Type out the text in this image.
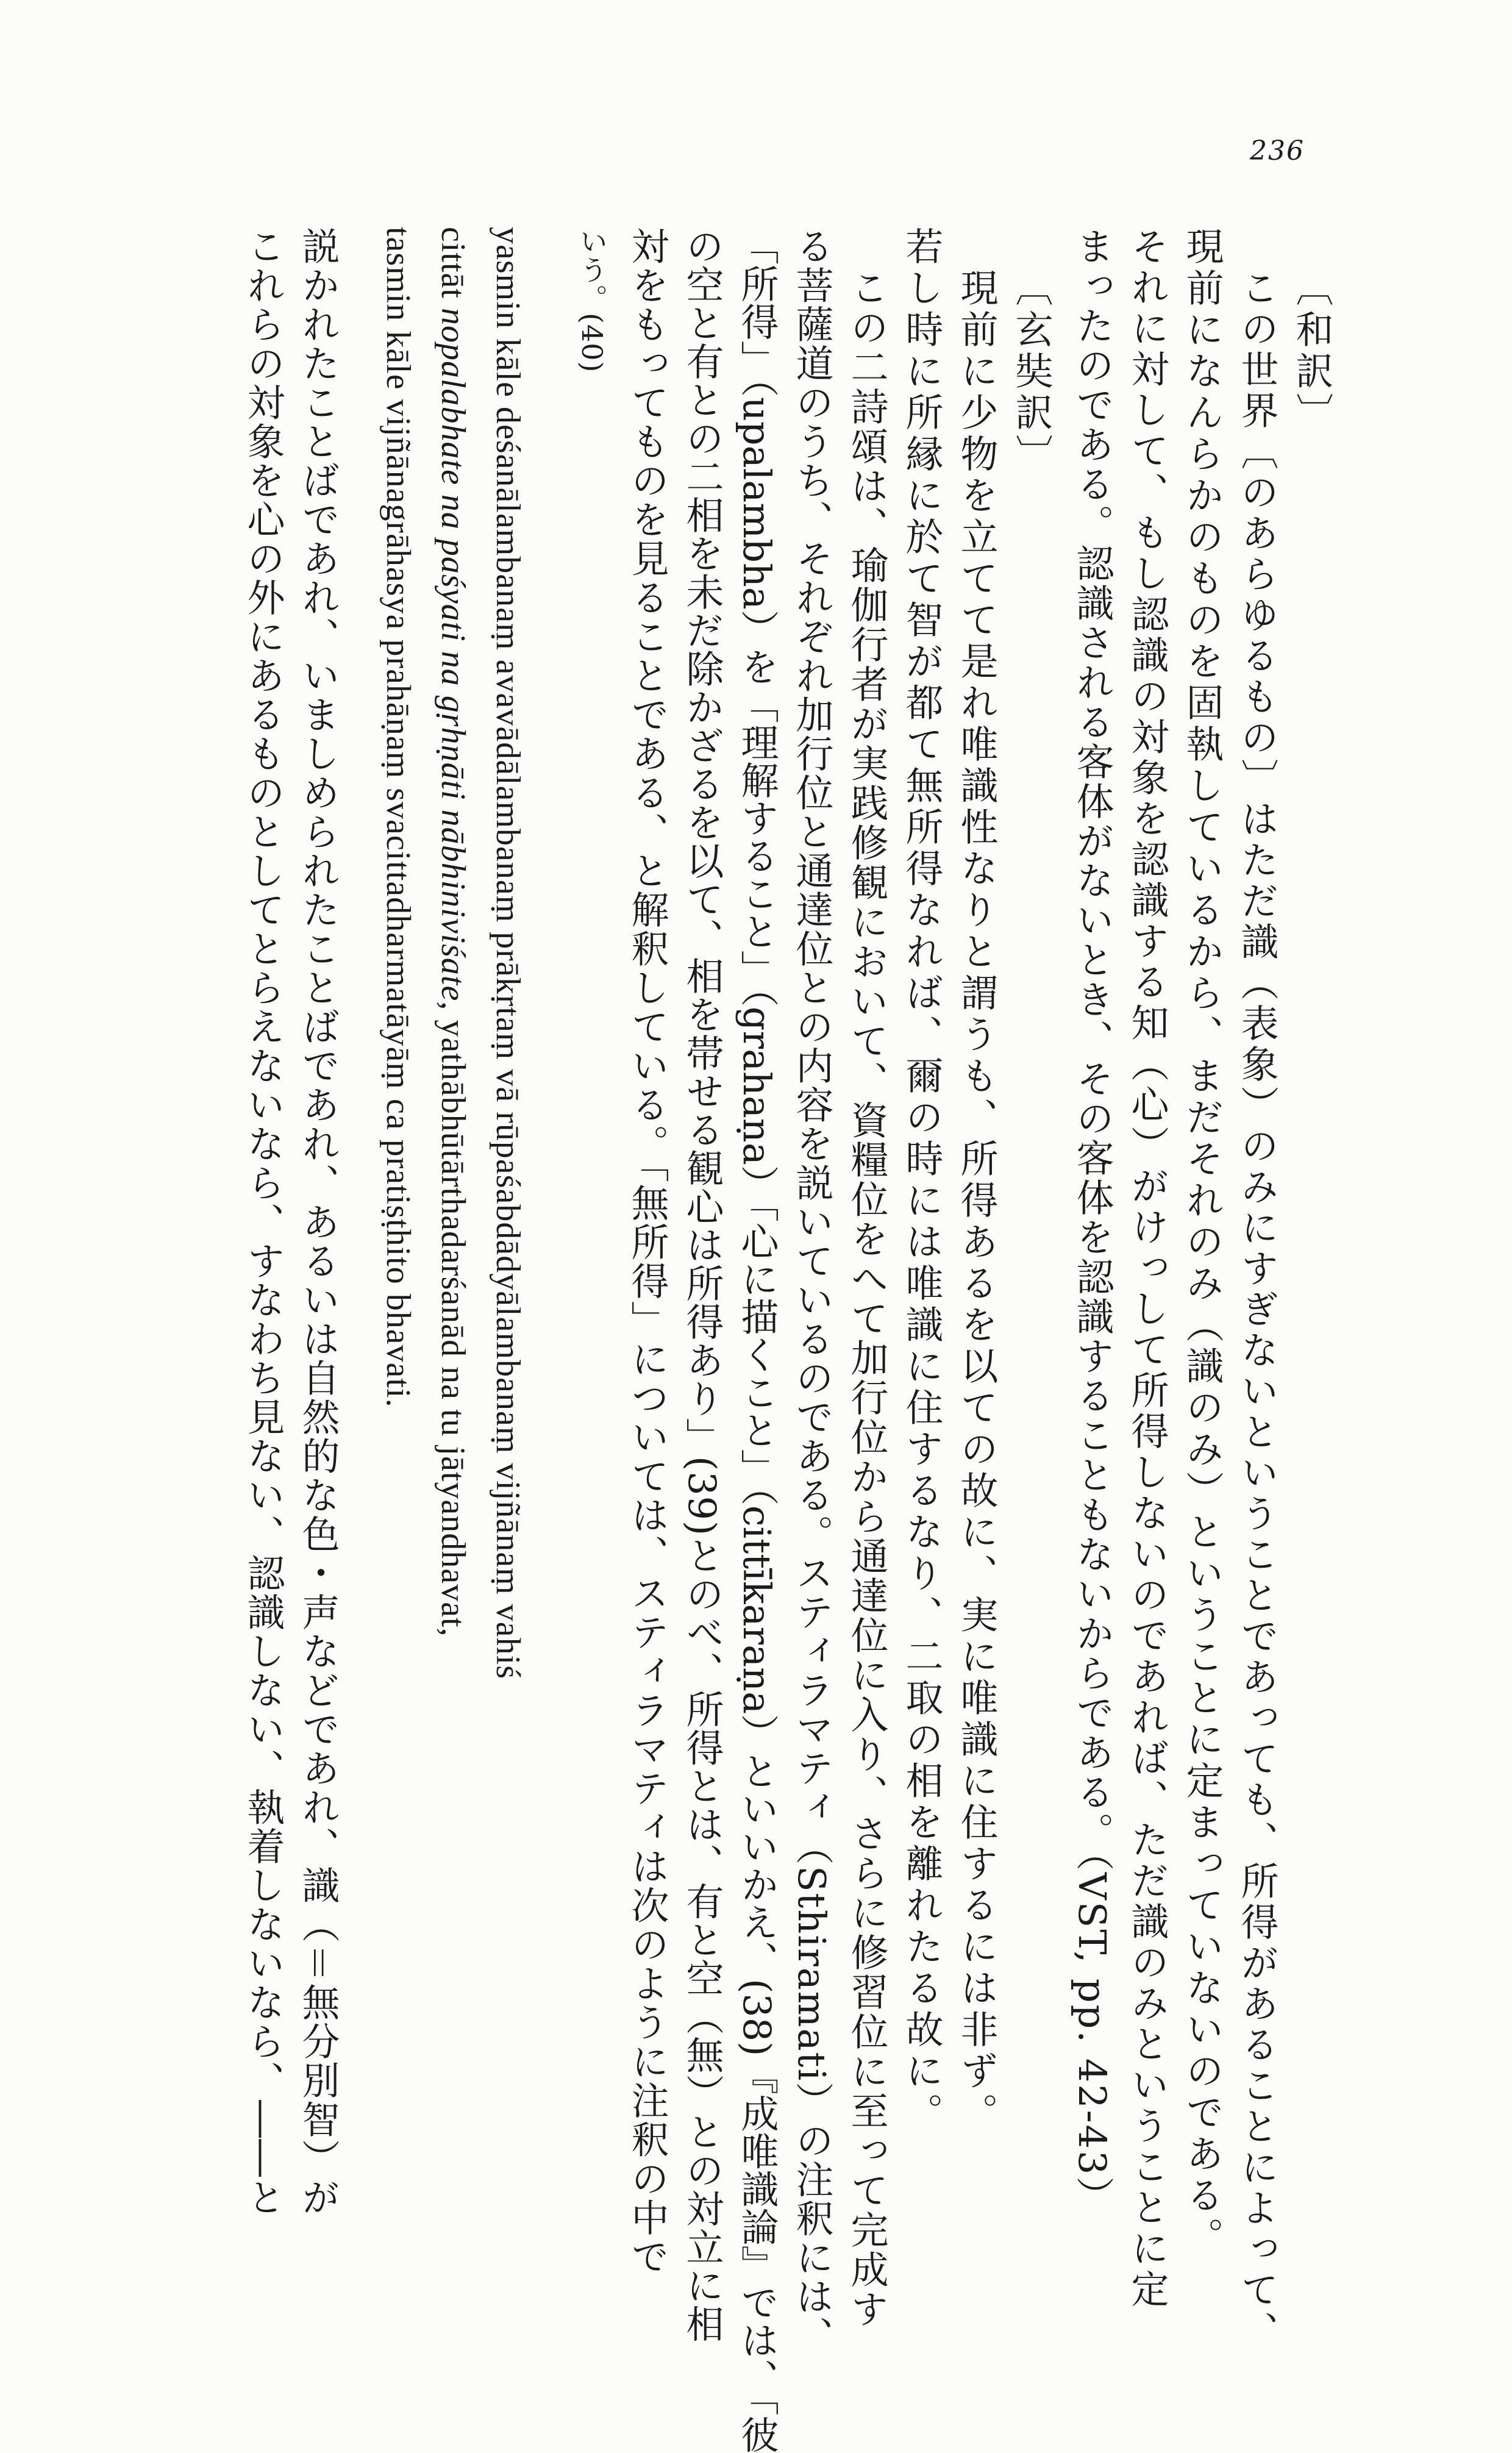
236
〔和訳〕
この世界〔のあらゆるもの〕はただ識（表象）のみにすぎないということであっても、所得があることによって、
現前になんらかのものを固執しているから、まだそれのみ（識のみ）ということに定まっていないのである。
それに対して、もし認識の対象を認識する知（心）がけっして所得しないのであれば、ただ識のみということに定
まったのである。認識される客体がないとき、その客体を認識することもないからである。（VST, pp. 42-43）
〔玄奘訳〕
現前に少物を立てて是れ唯識性なりと謂うも、所得あるを以ての故に、実に唯識に住するには非ず。
若し時に所縁に於て智が都て無所得なれば、爾の時には唯識に住するなり、二取の相を離れたる故に。
この二詩頌は、瑜伽行者が実践修観において、資糧位をへて加行位から通達位に入り、さらに修習位に至って完成す
る菩薩道のうち、それぞれ加行位と通達位との内容を説いているのである。スティラマティ（Sthiramati）の注釈には、
「所得」（upalambha）を「理解すること」（grahaṇa）「心に描くこと」（cittīkaraṇa）といいかえ、(38)『成唯識論』では、「彼
の空と有との二相を未だ除かざるを以て、相を帯せる観心は所得あり」(39)とのべ、所得とは、有と空（無）との対立に相
対をもってものを見ることである、と解釈している。「無所得」については、スティラマティは次のように注釈の中で
いう。(40)
yasmin kāle deśanālambanaṃ avavādālambanaṃ prākṛtaṃ vā rūpaśabdādyālambanaṃ vijñānaṃ vahiś
cittāt nopalabhate na paśyati na gṛhṇāti nābhiniviśate, yathābhūtārthadarśanād na tu jātyandhavat,
tasmin kāle vijñānagrāhasya prahāṇaṃ svacittadharmatāyāṃ ca pratiṣṭhito bhavati.
説かれたことばであれ、いましめられたことばであれ、あるいは自然的な色・声などであれ、識（＝無分別智）が
これらの対象を心の外にあるものとしてとらえないなら、すなわち見ない、認識しない、執着しないなら、――と
